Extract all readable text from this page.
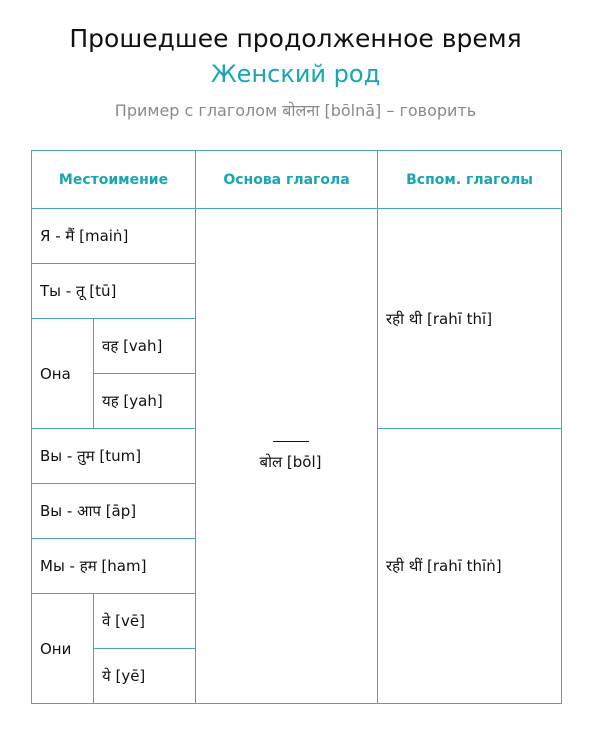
Прошедшее продолженное время
Женский род
Пример с глаголом बोलना [bōlnā] – говорить
Местоимение		Основа глагола	Вспом. глаголы
Я - मैं [maiṅ]		बोल [bōl]	रही थी [rahī thī]
Ты - तू [tū]			
Она	वह [vah]		
	यह [yah]		
Вы - तुम [tum]			रही थीं [rahī thīṅ]
Вы - आप [āp]			
Мы - हम [ham]			
Они	वे [vē]		
	ये [yē]		
